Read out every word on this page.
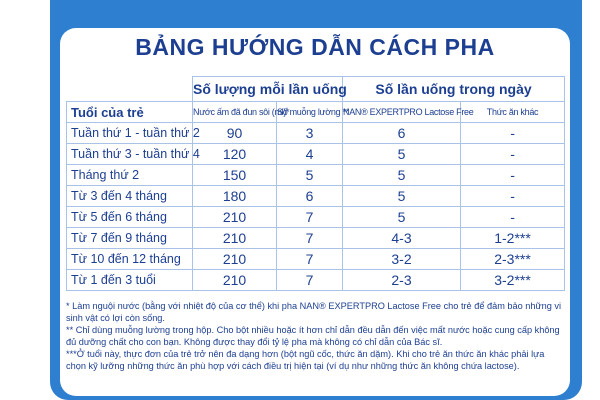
BẢNG HƯỚNG DẪN CÁCH PHA
	Số lượng mỗi lần uống		Số lần uống trong ngày	
Tuổi của trẻ	Nước ấm đã đun sôi (ml)*	Số muỗng lường **	NAN® EXPERTPRO Lactose Free	Thức ăn khác
Tuần thứ 1 - tuần thứ 2	90	3	6	-
Tuần thứ 3 - tuần thứ 4	120	4	5	-
Tháng thứ 2	150	5	5	-
Từ 3 đến 4 tháng	180	6	5	-
Từ 5 đến 6 tháng	210	7	5	-
Từ 7 đến 9 tháng	210	7	4-3	1-2***
Từ 10 đến 12 tháng	210	7	3-2	2-3***
Từ 1 đến 3 tuổi	210	7	2-3	3-2***

* Làm nguội nước (bằng với nhiệt độ của cơ thể) khi pha NAN® EXPERTPRO Lactose Free cho trẻ để đảm bảo những vi sinh vật có lợi còn sống.

** Chỉ dùng muỗng lường trong hộp. Cho bột nhiều hoặc ít hơn chỉ dẫn đều dẫn đến việc mất nước hoặc cung cấp không đủ dưỡng chất cho con bạn. Không được thay đổi tỷ lệ pha mà không có chỉ dẫn của Bác sĩ.

***Ở tuổi này, thực đơn của trẻ trở nên đa dạng hơn (bột ngũ cốc, thức ăn dặm). Khi cho trẻ ăn thức ăn khác phải lựa chọn kỹ lưỡng những thức ăn phù hợp với cách điều trị hiện tại (ví dụ như những thức ăn không chứa lactose).
